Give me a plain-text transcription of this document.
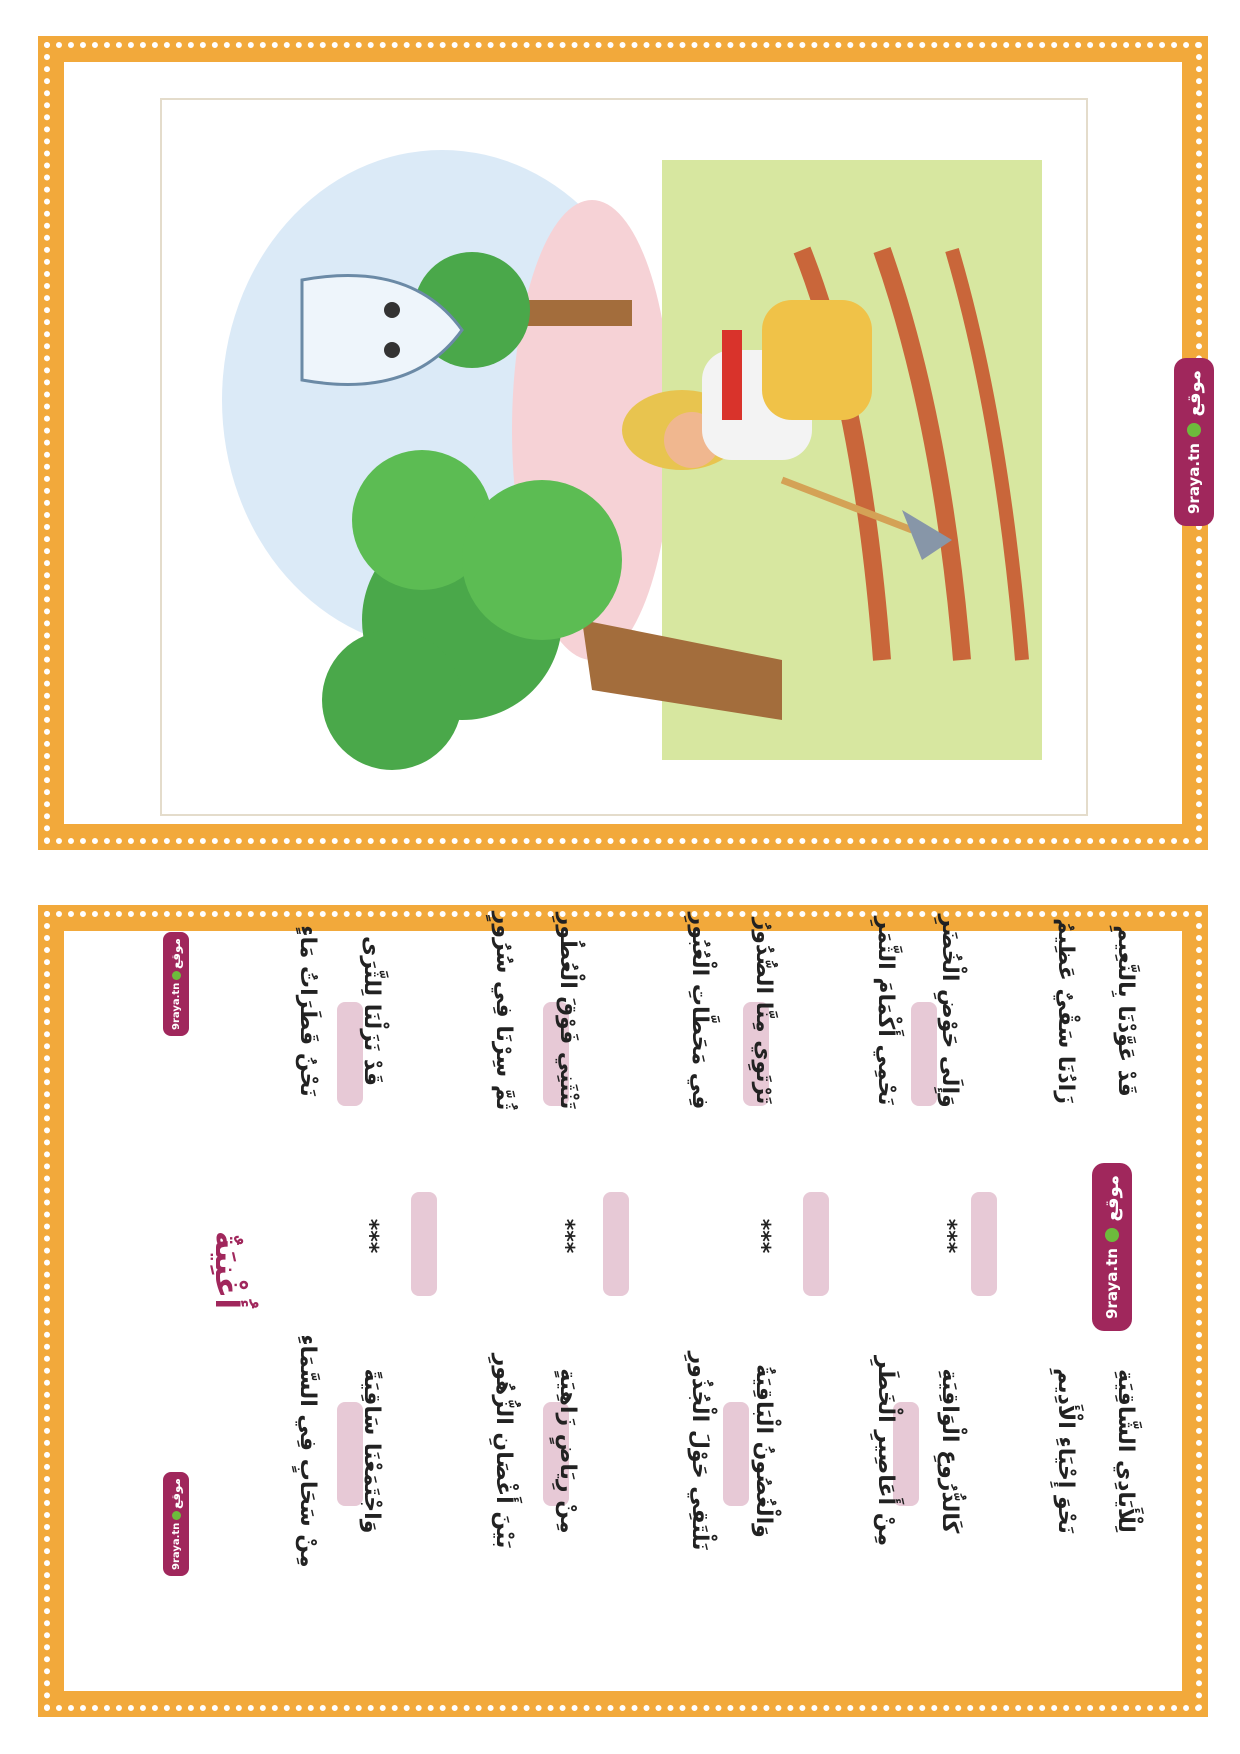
9raya.tn
موقع
9raya.tn
موقع
9raya.tn
موقع
9raya.tn
موقع
أُغْنِيَةٌ
نَحْنُ قَطَرَاتُ مَاءٍ	قَدْ نَزَلْنَا لِلثَّرَى
مِنْ سَحَابٍ فِي السَّمَاءِ	وَاجْتَمَعْنَا سَاقِيَةً
***
ثُمَّ سِرْنَا فِي سُرُورٍ	تَنْثَنِي فَوْقَ الْعُطُورِ
بَيْنَ أَغْصَانِ الزُّهُورِ	مِنْ رِيَاضٍ زَاهِيَةٍ
***
فِي مَحَطَّاتِ الْعُبُورِ	تَرْتَوِي مِنَّا الصُّدُورُ
نَلْتَقِي حَوْلَ الْجُذُورِ	وَالْغُصُونُ الْبَاقِيَةُ
***
نَحْمِي أَكْمَامَ الثَّمَرِ	وَإِلَى حَوْضِ الْخُضَرِ
مِنْ أَعَاصِيرِ الْخَطَرِ	كَالدُّرُوعِ الْوَاقِيَةِ
***
زَادُنَا سَقْيٌ عَظِيمُ	قَدْ عَوَّدْنَا بِالنَّعِيمِ
نَحْوَ إِحْيَاءِ الْأَدِيمِ	لِلْأَيَادِي الشَّاقِيَةِ
